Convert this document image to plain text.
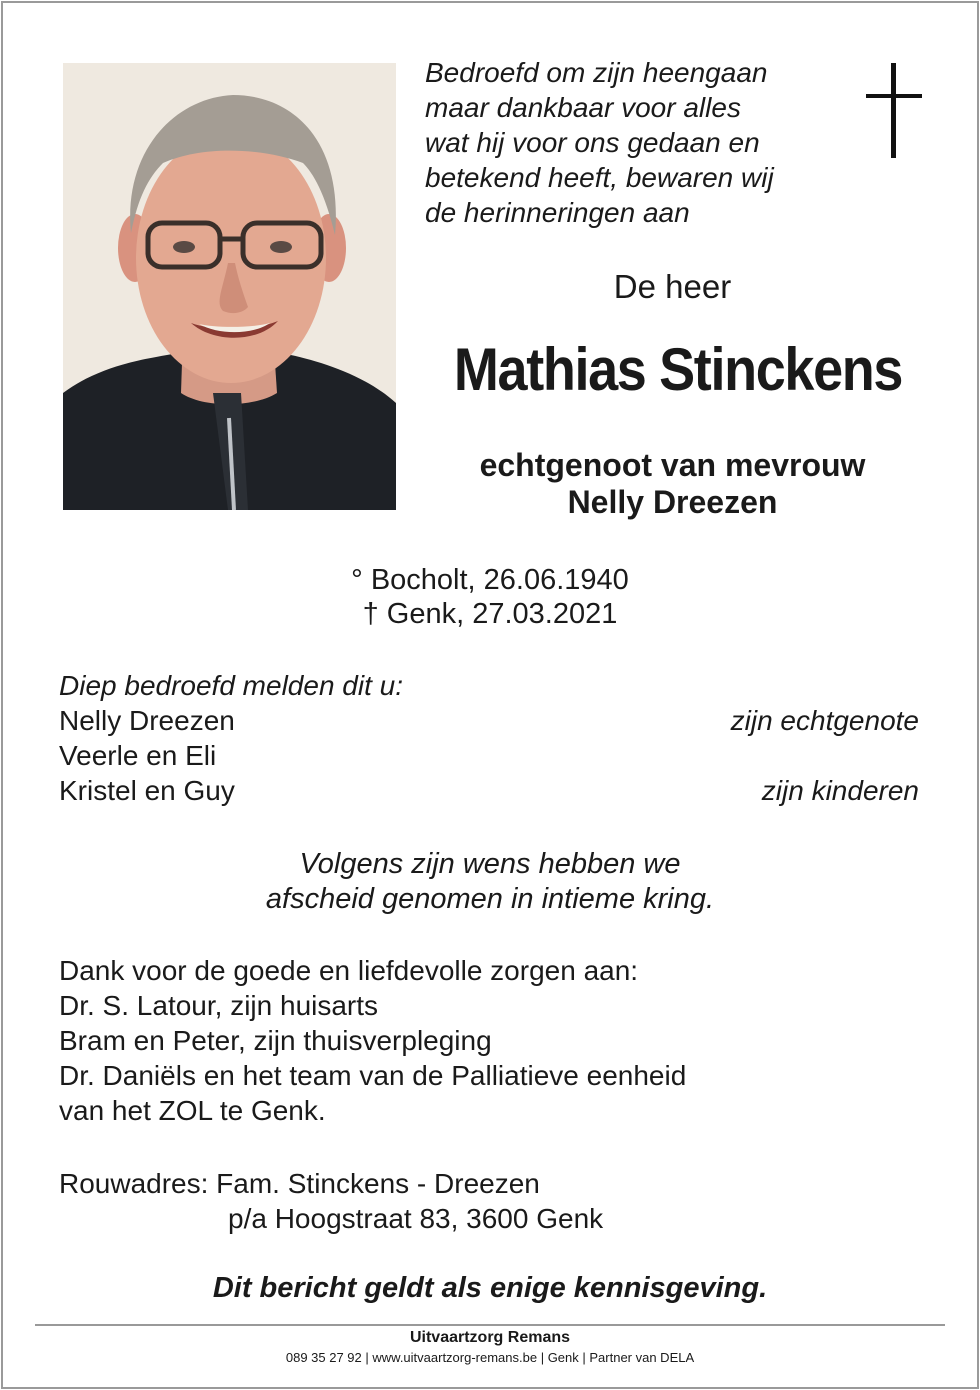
Bedroefd om zijn heengaan
maar dankbaar voor alles
wat hij voor ons gedaan en
betekend heeft, bewaren wij
de herinneringen aan
De heer
Mathias Stinckens
echtgenoot van mevrouw
Nelly Dreezen
° Bocholt, 26.06.1940
† Genk, 27.03.2021
Diep bedroefd melden dit u:
Nelly Dreezen	zijn echtgenote
Veerle en Eli
Kristel en Guy	zijn kinderen
Volgens zijn wens hebben we
afscheid genomen in intieme kring.
Dank voor de goede en liefdevolle zorgen aan:
Dr. S. Latour, zijn huisarts
Bram en Peter, zijn thuisverpleging
Dr. Daniëls en het team van de Palliatieve eenheid
van het ZOL te Genk.
Rouwadres: Fam. Stinckens - Dreezen
p/a Hoogstraat 83, 3600 Genk
Dit bericht geldt als enige kennisgeving.
Uitvaartzorg Remans
089 35 27 92 | www.uitvaartzorg-remans.be | Genk | Partner van DELA
